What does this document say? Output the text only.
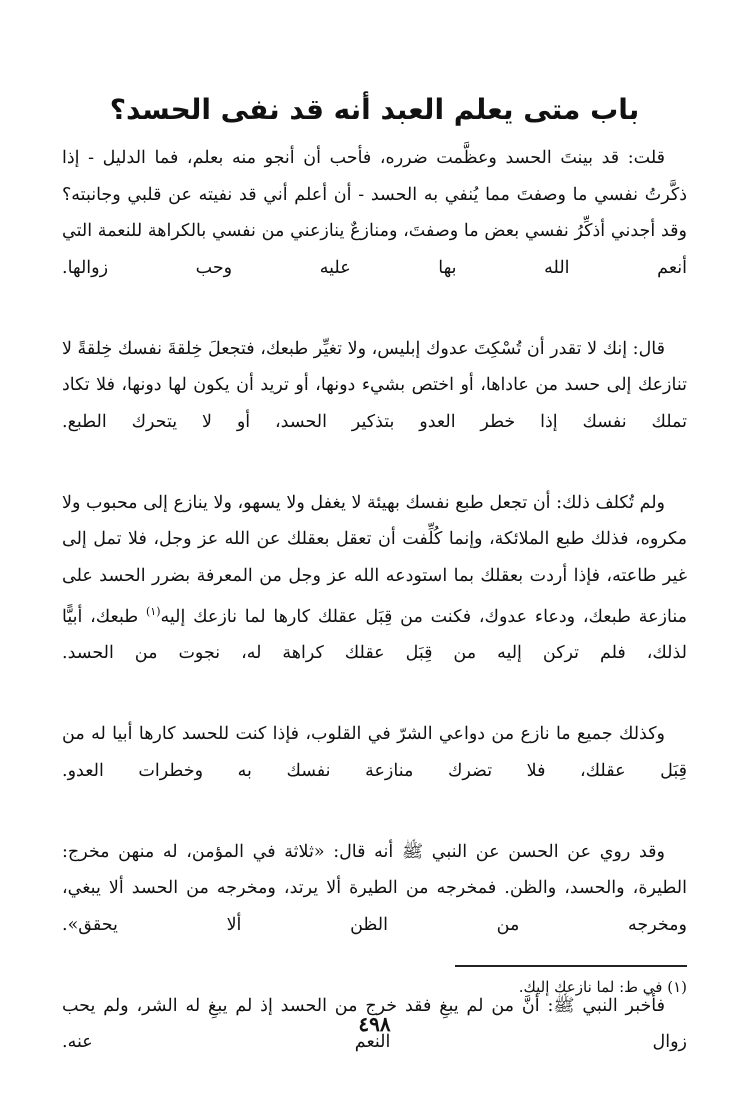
باب متى يعلم العبد أنه قد نفى الحسد؟

قلت: قد بينتَ الحسد وعظَّمت ضرره، فأحب أن أنجو منه بعلم، فما الدليل - إذا ذكَّرتُ نفسي ما وصفتَ مما يُنفي به الحسد - أن أعلم أني قد نفيته عن قلبي وجانبته؟ وقد أجدني أذكِّرُ نفسي بعض ما وصفتَ، ومنازعٌ ينازعني من نفسي بالكراهة للنعمة التي أنعم الله بها عليه وحب زوالها.

قال: إنك لا تقدر أن تُسْكِتَ عدوك إبليس، ولا تغيِّر طبعك، فتجعلَ خِلقةَ نفسك خِلقةً لا تنازعك إلى حسد من عاداها، أو اختص بشيء دونها، أو تريد أن يكون لها دونها، فلا تكاد تملك نفسك إذا خطر العدو بتذكير الحسد، أو لا يتحرك الطبع.

ولم تُكلف ذلك: أن تجعل طبع نفسك بهيئة لا يغفل ولا يسهو، ولا ينازع إلى محبوب ولا مكروه، فذلك طبع الملائكة، وإنما كُلِّفت أن تعقل بعقلك عن الله عز وجل، فلا تمل إلى غير طاعته، فإذا أردت بعقلك بما استودعه الله عز وجل من المعرفة بضرر الحسد على منازعة طبعك، ودعاء عدوك، فكنت من قِبَل عقلك كارها لما نازعك إليه$^{(١)}$ طبعك، أبيًّا لذلك، فلم تركن إليه من قِبَل عقلك كراهة له، نجوت من الحسد.

وكذلك جميع ما نازع من دواعي الشرّ في القلوب، فإذا كنت للحسد كارها أبيا له من قِبَل عقلك، فلا تضرك منازعة نفسك به وخطرات العدو.

وقد روي عن الحسن عن النبي ﷺ أنه قال: «ثلاثة في المؤمن، له منهن مخرج: الطيرة، والحسد، والظن. فمخرجه من الطيرة ألا يرتد، ومخرجه من الحسد ألا يبغي، ومخرجه من الظن ألا يحقق».

فأخبر النبي ﷺ: أنَّ من لم يبغِ فقد خرج من الحسد إذ لم يبغِ له الشر، ولم يحب زوال النعم عنه.

(١) في ط: لما نازعك إليك.
٤٩٨
